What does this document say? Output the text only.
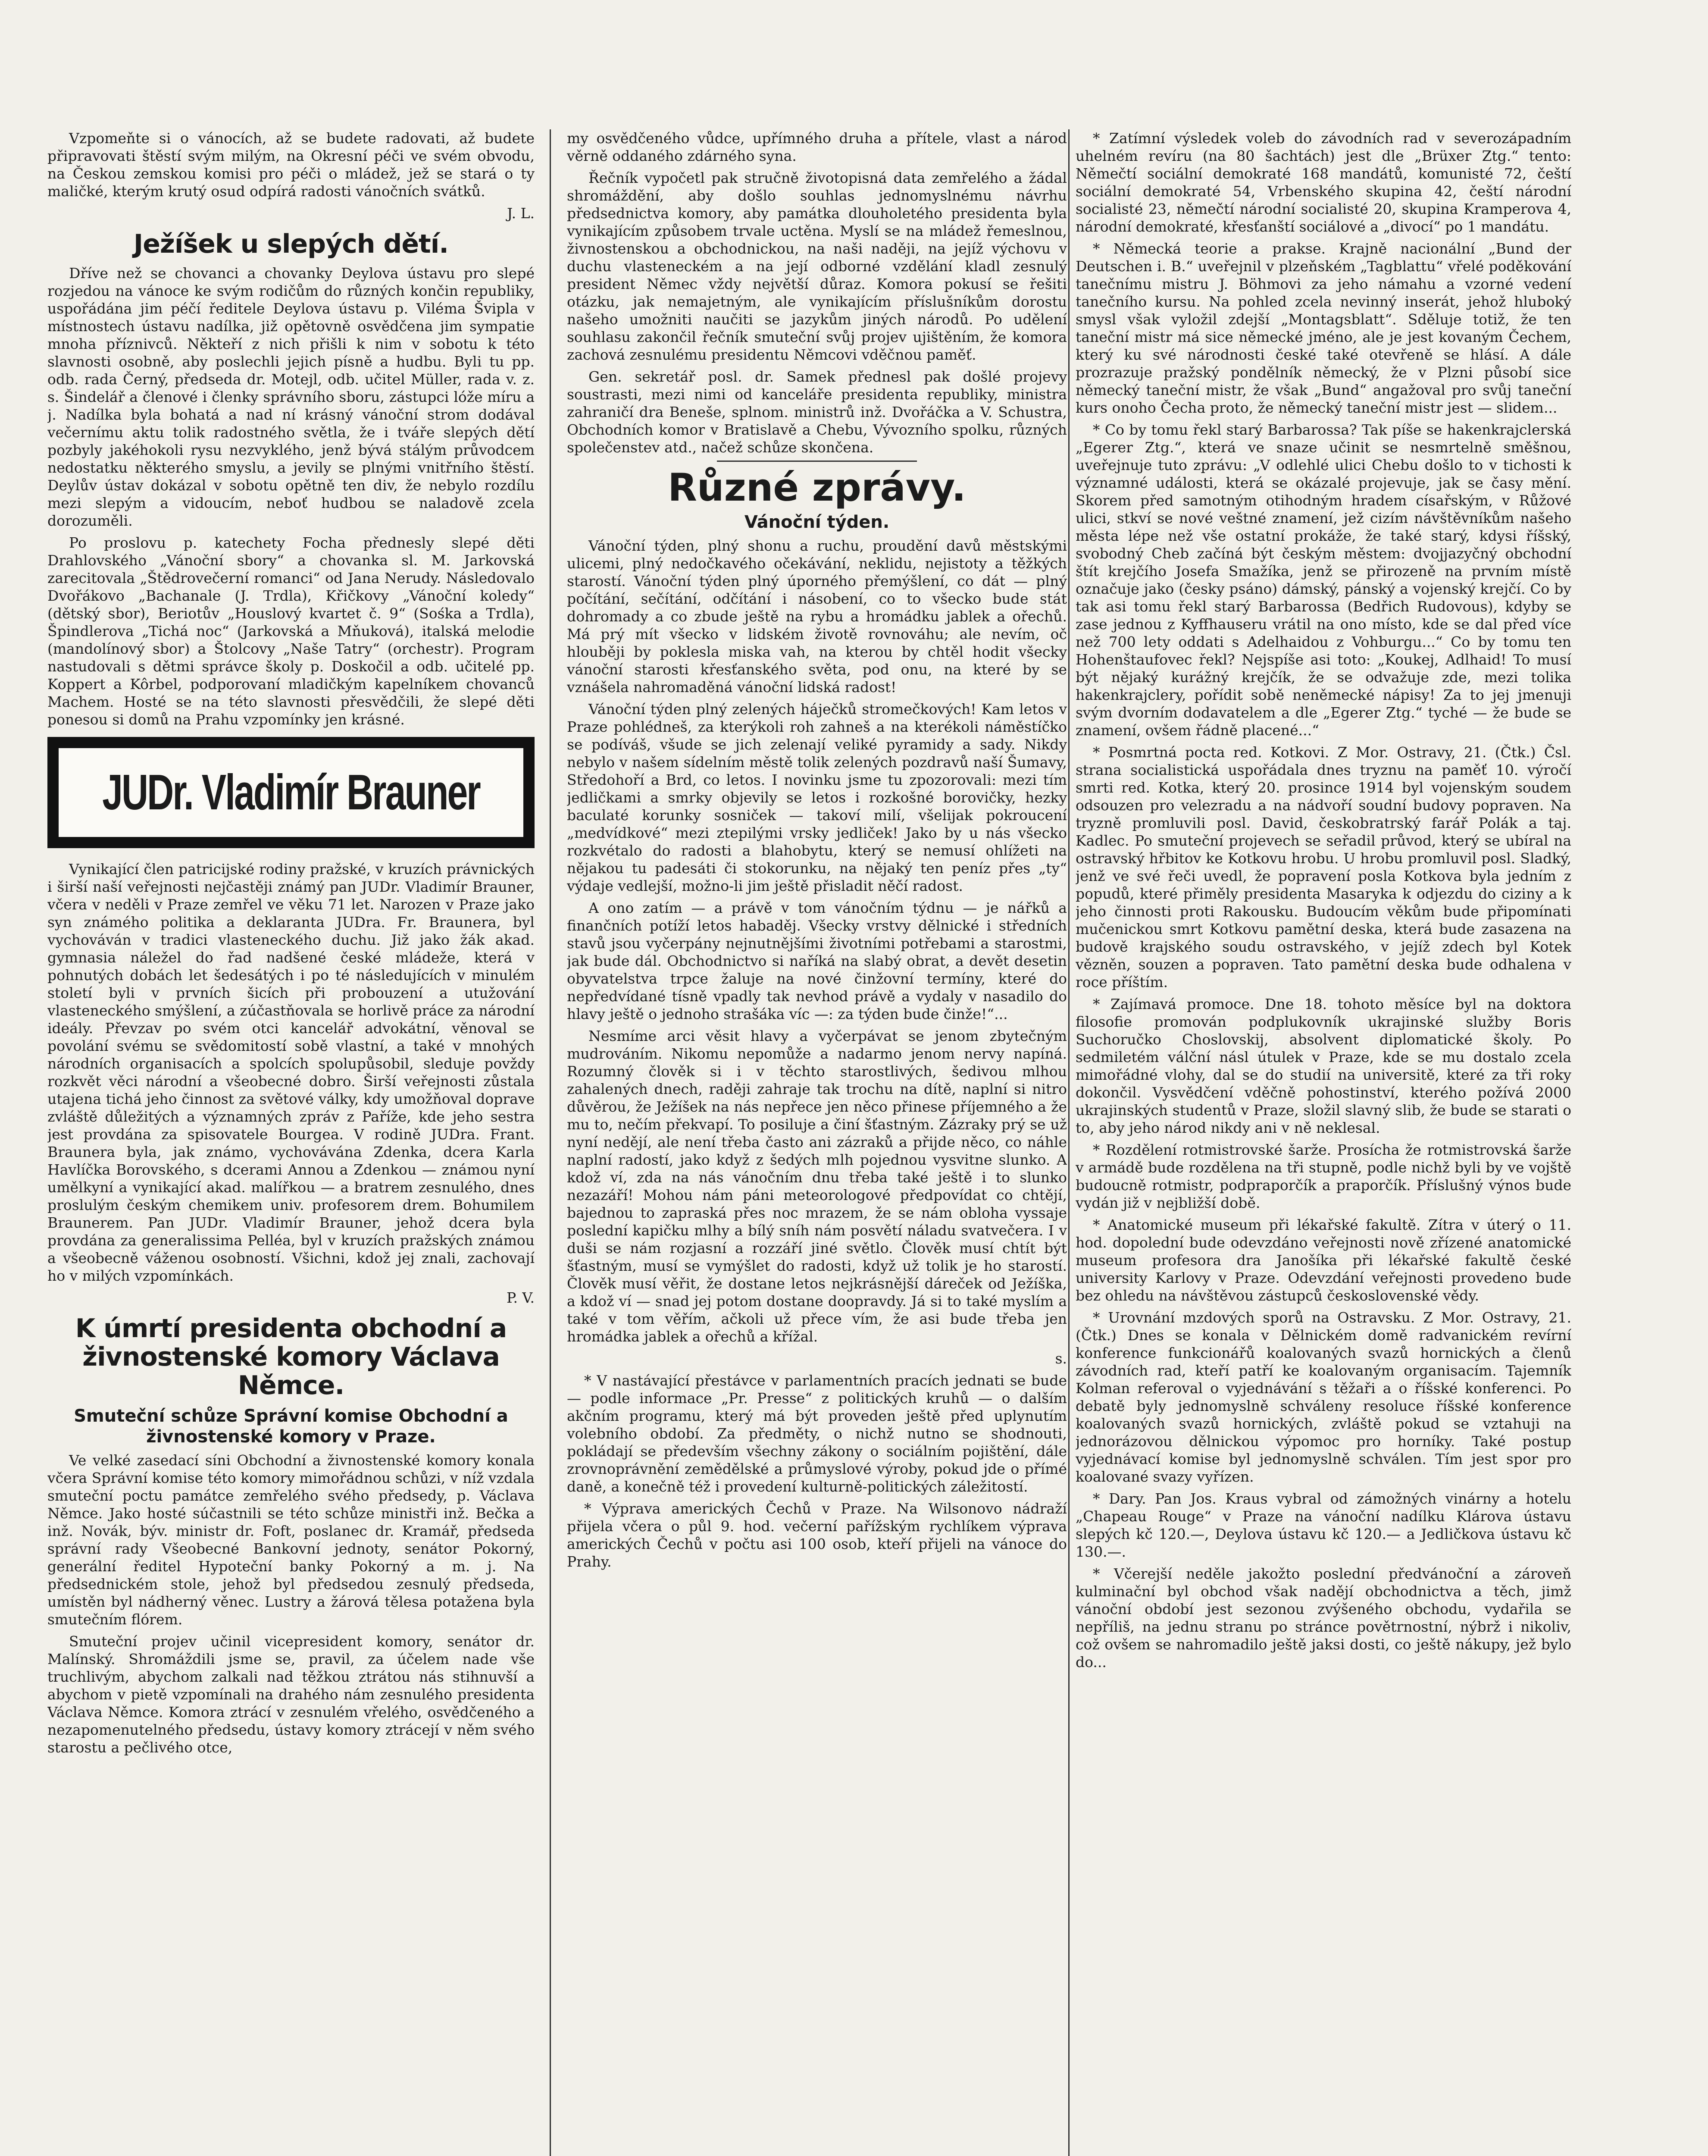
Vzpomeňte si o vánocích, až se budete radovati, až budete připravovati štěstí svým milým, na Okresní péči ve svém obvodu, na Českou zemskou komisi pro péči o mládež, jež se stará o ty maličké, kterým krutý osud odpírá radosti vánočních svátků.

J. L.

Ježíšek u slepých dětí.

Dříve než se chovanci a chovanky Deylova ústavu pro slepé rozjedou na vánoce ke svým rodičům do různých končin republiky, uspořádána jim péčí ředitele Deylova ústavu p. Viléma Švipla v místnostech ústavu nadílka, již opětovně osvědčena jim sympatie mnoha příznivců. Někteří z nich přišli k nim v sobotu k této slavnosti osobně, aby poslechli jejich písně a hudbu. Byli tu pp. odb. rada Černý, předseda dr. Motejl, odb. učitel Müller, rada v. z. s. Šindelář a členové i členky správního sboru, zástupci lóže míru a j. Nadílka byla bohatá a nad ní krásný vánoční strom dodával večernímu aktu tolik radostného světla, že i tváře slepých dětí pozbyly jakéhokoli rysu nezvyklého, jenž bývá stálým průvodcem nedostatku některého smyslu, a jevily se plnými vnitřního štěstí. Deylův ústav dokázal v sobotu opětně ten div, že nebylo rozdílu mezi slepým a vidoucím, neboť hudbou se naladově zcela dorozuměli.

Po proslovu p. katechety Focha přednesly slepé děti Drahlovského „Vánoční sbory“ a chovanka sl. M. Jarkovská zarecitovala „Štědrovečerní romanci“ od Jana Nerudy. Následovalo Dvořákovo „Bachanale (J. Trdla), Křičkovy „Vánoční koledy“ (dětský sbor), Beriotův „Houslový kvartet č. 9“ (Sośka a Trdla), Špindlerova „Tichá noc“ (Jarkovská a Mňuková), italská melodie (mandolínový sbor) a Štolcovy „Naše Tatry“ (orchestr). Program nastudovali s dětmi správce školy p. Doskočil a odb. učitelé pp. Koppert a Kôrbel, podporovaní mladičkým kapelníkem chovanců Machem. Hosté se na této slavnosti přesvědčili, že slepé děti ponesou si domů na Prahu vzpomínky jen krásné.

JUDr. Vladimír Brauner

Vynikající člen patricijské rodiny pražské, v kruzích právnických i širší naší veřejnosti nejčastěji známý pan JUDr. Vladimír Brauner, včera v neděli v Praze zemřel ve věku 71 let. Narozen v Praze jako syn známého politika a deklaranta JUDra. Fr. Braunera, byl vychováván v tradici vlasteneckého duchu. Již jako žák akad. gymnasia náležel do řad nadšené české mládeže, která v pohnutých dobách let šedesátých i po té následujících v minulém století byli v prvních šicích při probouzení a utužování vlasteneckého smýšlení, a zúčastňovala se horlivě práce za národní ideály. Převzav po svém otci kancelář advokátní, věnoval se povolání svému se svědomitostí sobě vlastní, a také v mnohých národních organisacích a spolcích spolupůsobil, sleduje povždy rozkvět věci národní a všeobecné dobro. Širší veřejnosti zůstala utajena tichá jeho činnost za světové války, kdy umožňoval doprave zvláště důležitých a významných zpráv z Paříže, kde jeho sestra jest provdána za spisovatele Bourgea. V rodině JUDra. Frant. Braunera byla, jak známo, vychovávána Zdenka, dcera Karla Havlíčka Borovského, s dcerami Annou a Zdenkou — známou nyní umělkyní a vynikající akad. malířkou — a bratrem zesnulého, dnes proslulým českým chemikem univ. profesorem drem. Bohumilem Braunerem. Pan JUDr. Vladimír Brauner, jehož dcera byla provdána za generalissima Pelléa, byl v kruzích pražských známou a všeobecně váženou osobností. Všichni, kdož jej znali, zachovají ho v milých vzpomínkách.

P. V.

K úmrtí presidenta obchodní a živnostenské komory Václava Němce.
Smuteční schůze Správní komise Obchodní a živnostenské komory v Praze.

Ve velké zasedací síni Obchodní a živnostenské komory konala včera Správní komise této komory mimořádnou schůzi, v níž vzdala smuteční poctu památce zemřelého svého předsedy, p. Václava Němce. Jako hosté súčastnili se této schůze ministři inž. Bečka a inž. Novák, býv. ministr dr. Foft, poslanec dr. Kramář, předseda správní rady Všeobecné Bankovní jednoty, senátor Pokorný, generální ředitel Hypoteční banky Pokorný a m. j. Na předsednickém stole, jehož byl předsedou zesnulý předseda, umístěn byl nádherný věnec. Lustry a žárová tělesa potažena byla smutečním flórem.

Smuteční projev učinil vicepresident komory, senátor dr. Malínský. Shromáždili jsme se, pravil, za účelem nade vše truchlivým, abychom zalkali nad těžkou ztrátou nás stihnuvší a abychom v pietě vzpomínali na drahého nám zesnulého presidenta Václava Němce. Komora ztrácí v zesnulém vřelého, osvědčeného a nezapomenutelného předsedu, ústavy komory ztrácejí v něm svého starostu a pečlivého otce,

my osvědčeného vůdce, upřímného druha a přítele, vlast a národ věrně oddaného zdárného syna.

Řečník vypočetl pak stručně životopisná data zemřelého a žádal shromáždění, aby došlo souhlas jednomyslnému návrhu předsednictva komory, aby památka dlouholetého presidenta byla vynikajícím způsobem trvale uctěna. Myslí se na mládež řemeslnou, živnostenskou a obchodnickou, na naši naději, na jejíž výchovu v duchu vlasteneckém a na její odborné vzdělání kladl zesnulý president Němec vždy největší důraz. Komora pokusí se řešiti otázku, jak nemajetným, ale vynikajícím příslušníkům dorostu našeho umožniti naučiti se jazykům jiných národů. Po udělení souhlasu zakončil řečník smuteční svůj projev ujištěním, že komora zachová zesnulému presidentu Němcovi vděčnou paměť.

Gen. sekretář posl. dr. Samek přednesl pak došlé projevy soustrasti, mezi nimi od kanceláře presidenta republiky, ministra zahraničí dra Beneše, splnom. ministrů inž. Dvořáčka a V. Schustra, Obchodních komor v Bratislavě a Chebu, Vývozního spolku, různých společenstev atd., načež schůze skončena.

Různé zprávy.
Vánoční týden.

Vánoční týden, plný shonu a ruchu, proudění davů městskými ulicemi, plný nedočkavého očekávání, neklidu, nejistoty a těžkých starostí. Vánoční týden plný úporného přemýšlení, co dát — plný počítání, sečítání, odčítání i násobení, co to všecko bude stát dohromady a co zbude ještě na rybu a hromádku jablek a ořechů. Má prý mít všecko v lidském životě rovnováhu; ale nevím, oč hlouběji by poklesla miska vah, na kterou by chtěl hodit všecky vánoční starosti křesťanského světa, pod onu, na které by se vznášela nahromaděná vánoční lidská radost!

Vánoční týden plný zelených háječků stromečkových! Kam letos v Praze pohlédneš, za kterýkoli roh zahneš a na kterékoli náměstíčko se podíváš, všude se jich zelenají veliké pyramidy a sady. Nikdy nebylo v našem sídelním městě tolik zelených pozdravů naší Šumavy, Středohoří a Brd, co letos. I novinku jsme tu zpozorovali: mezi tím jedličkami a smrky objevily se letos i rozkošné borovičky, hezky baculaté korunky sosniček — takoví milí, všelijak pokroucení „medvídkové“ mezi ztepilými vrsky jedliček! Jako by u nás všecko rozkvétalo do radosti a blahobytu, který se nemusí ohlížeti na nějakou tu padesáti či stokorunku, na nějaký ten peníz přes „ty“ výdaje vedlejší, možno-li jim ještě přisladit něčí radost.

A ono zatím — a právě v tom vánočním týdnu — je nářků a finančních potíží letos habaděj. Všecky vrstvy dělnické i středních stavů jsou vyčerpány nejnutnějšími životními potřebami a starostmi, jak bude dál. Obchodnictvo si naříká na slabý obrat, a devět desetin obyvatelstva trpce žaluje na nové činžovní termíny, které do nepředvídané tísně vpadly tak nevhod právě a vydaly v nasadilo do hlavy ještě o jednoho strašáka víc —: za týden bude činže!“...

Nesmíme arci věsit hlavy a vyčerpávat se jenom zbytečným mudrováním. Nikomu nepomůže a nadarmo jenom nervy napíná. Rozumný člověk si i v těchto starostlivých, šedivou mlhou zahalených dnech, raději zahraje tak trochu na dítě, naplní si nitro důvěrou, že Ježíšek na nás nepřece jen něco přinese příjemného a že mu to, nečím překvapí. To posiluje a činí šťastným. Zázraky prý se už nyní nedějí, ale není třeba často ani zázraků a přijde něco, co náhle naplní radostí, jako když z šedých mlh pojednou vysvitne slunko. A kdož ví, zda na nás vánočním dnu třeba také ještě i to slunko nezazáří! Mohou nám páni meteorologové předpovídat co chtějí, bajednou to zapraská přes noc mrazem, že se nám obloha vyssaje poslední kapičku mlhy a bílý sníh nám posvětí náladu svatvečera. I v duši se nám rozjasní a rozzáří jiné světlo. Člověk musí chtít být šťastným, musí se vymýšlet do radosti, když už tolik je ho starostí. Člověk musí věřit, že dostane letos nejkrásnější dáreček od Ježíška, a kdož ví — snad jej potom dostane doopravdy. Já si to také myslím a také v tom věřím, ačkoli už přece vím, že asi bude třeba jen hromádka jablek a ořechů a křížal.

s.

* V nastávající přestávce v parlamentních pracích jednati se bude — podle informace „Pr. Presse“ z politických kruhů — o dalším akčním programu, který má být proveden ještě před uplynutím volebního období. Za předměty, o nichž nutno se shodnouti, pokládají se především všechny zákony o sociálním pojištění, dále zrovnoprávnění zemědělské a průmyslové výroby, pokud jde o přímé daně, a konečně též i provedení kulturně-politických záležitostí.

* Výprava amerických Čechů v Praze. Na Wilsonovo nádraží přijela včera o půl 9. hod. večerní pařížským rychlíkem výprava amerických Čechů v počtu asi 100 osob, kteří přijeli na vánoce do Prahy.

* Zatímní výsledek voleb do závodních rad v severozápadním uhelném revíru (na 80 šachtách) jest dle „Brüxer Ztg.“ tento: Němečtí sociální demokraté 168 mandátů, komunisté 72, čeští sociální demokraté 54, Vrbenského skupina 42, čeští národní socialisté 23, němečtí národní socialisté 20, skupina Kramperova 4, národní demokraté, křesťanští sociálové a „divocí“ po 1 mandátu.

* Německá teorie a prakse. Krajně nacionální „Bund der Deutschen i. B.“ uveřejnil v plzeňském „Tagblattu“ vřelé poděkování tanečnímu mistru J. Böhmovi za jeho námahu a vzorné vedení tanečního kursu. Na pohled zcela nevinný inserát, jehož hluboký smysl však vyložil zdejší „Montagsblatt“. Sděluje totiž, že ten taneční mistr má sice německé jméno, ale je jest kovaným Čechem, který ku své národnosti české také otevřeně se hlásí. A dále prozrazuje pražský pondělník německý, že v Plzni působí sice německý taneční mistr, že však „Bund“ angažoval pro svůj taneční kurs onoho Čecha proto, že německý taneční mistr jest — slidem...

* Co by tomu řekl starý Barbarossa? Tak píše se hakenkrajclerská „Egerer Ztg.“, která ve snaze učinit se nesmrtelně směšnou, uveřejnuje tuto zprávu: „V odlehlé ulici Chebu došlo to v tichosti k významné události, která se okázalé projevuje, jak se časy mění. Skorem před samotným otihodným hradem císařským, v Růžové ulici, stkví se nové veštné znamení, jež cizím návštěvníkům našeho města lépe než vše ostatní prokáže, že také starý, kdysi říšský, svobodný Cheb začíná být českým městem: dvojjazyčný obchodní štít krejčího Josefa Smažíka, jenž se přirozeně na prvním místě označuje jako (česky psáno) dámský, pánský a vojenský krejčí. Co by tak asi tomu řekl starý Barbarossa (Bedřich Rudovous), kdyby se zase jednou z Kyffhauseru vrátil na ono místo, kde se dal před více než 700 lety oddati s Adelhaidou z Vohburgu...“ Co by tomu ten Hohenštaufovec řekl? Nejspíše asi toto: „Koukej, Adlhaid! To musí být nějaký kurážný krejčík, že se odvažuje zde, mezi tolika hakenkrajclery, pořídit sobě neněmecké nápisy! Za to jej jmenuji svým dvorním dodavatelem a dle „Egerer Ztg.“ tyché — že bude se znamení, ovšem řádně placené...“

* Posmrtná pocta red. Kotkovi. Z Mor. Ostravy, 21. (Čtk.) Čsl. strana socialistická uspořádala dnes tryznu na paměť 10. výročí smrti red. Kotka, který 20. prosince 1914 byl vojenským soudem odsouzen pro velezradu a na nádvoří soudní budovy popraven. Na tryzně promluvili posl. David, českobratrský farář Polák a taj. Kadlec. Po smuteční projevech se seřadil průvod, který se ubíral na ostravský hřbitov ke Kotkovu hrobu. U hrobu promluvil posl. Sladký, jenž ve své řeči uvedl, že popravení posla Kotkova byla jedním z popudů, které přiměly presidenta Masaryka k odjezdu do ciziny a k jeho činnosti proti Rakousku. Budoucím věkům bude připomínati mučenickou smrt Kotkovu pamětní deska, která bude zasazena na budově krajského soudu ostravského, v jejíž zdech byl Kotek vězněn, souzen a popraven. Tato pamětní deska bude odhalena v roce příštím.

* Zajímavá promoce. Dne 18. tohoto měsíce byl na doktora filosofie promován podplukovník ukrajinské služby Boris Suchoručko Choslovskij, absolvent diplomatické školy. Po sedmiletém válční násl útulek v Praze, kde se mu dostalo zcela mimořádné vlohy, dal se do studií na universitě, které za tři roky dokončil. Vysvědčení vděčně pohostinství, kterého požívá 2000 ukrajinských studentů v Praze, složil slavný slib, že bude se starati o to, aby jeho národ nikdy ani v ně neklesal.

* Rozdělení rotmistrovské šarže. Prosícha že rotmistrovská šarže v armádě bude rozdělena na tři stupně, podle nichž byli by ve vojště budoucně rotmistr, podpraporčík a praporčík. Příslušný výnos bude vydán již v nejbližší době.

* Anatomické museum při lékařské fakultě. Zítra v úterý o 11. hod. dopolední bude odevzdáno veřejnosti nově zřízené anatomické museum profesora dra Janošíka při lékařské fakultě české university Karlovy v Praze. Odevzdání veřejnosti provedeno bude bez ohledu na návštěvou zástupců československé vědy.

* Urovnání mzdových sporů na Ostravsku. Z Mor. Ostravy, 21. (Čtk.) Dnes se konala v Dělnickém domě radvanickém revírní konference funkcionářů koalovaných svazů hornických a členů závodních rad, kteří patří ke koalovaným organisacím. Tajemník Kolman referoval o vyjednávání s těžaři a o říšské konferenci. Po debatě byly jednomyslně schváleny resoluce říšské konference koalovaných svazů hornických, zvláště pokud se vztahuji na jednorázovou dělnickou výpomoc pro horníky. Také postup vyjednávací komise byl jednomyslně schválen. Tím jest spor pro koalované svazy vyřízen.

* Dary. Pan Jos. Kraus vybral od zámožných vinárny a hotelu „Chapeau Rouge“ v Praze na vánoční nadílku Klárova ústavu slepých kč 120.—, Deylova ústavu kč 120.— a Jedličkova ústavu kč 130.—.

* Včerejší neděle jakožto poslední předvánoční a zároveň kulminační byl obchod však nadějí obchodnictva a těch, jimž vánoční období jest sezonou zvýšeného obchodu, vydařila se nepříliš, na jednu stranu po stránce povětrnostní, nýbrž i nikoliv, což ovšem se nahromadilo ještě jaksi dosti, co ještě nákupy, jež bylo do...
